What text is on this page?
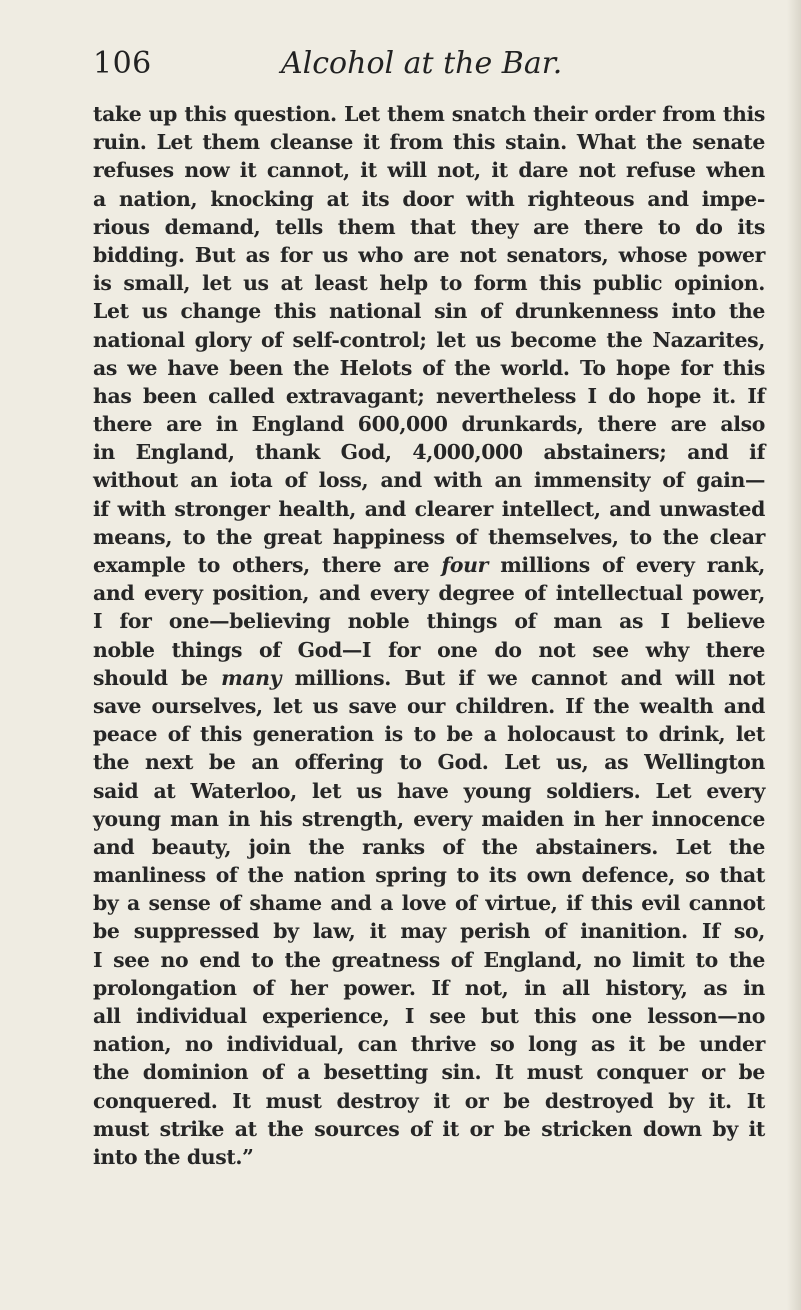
106	Alcohol at the Bar.
take up this question. Let them snatch their order from this
ruin. Let them cleanse it from this stain. What the senate
refuses now it cannot, it will not, it dare not refuse when
a nation, knocking at its door with righteous and impe-
rious demand, tells them that they are there to do its
bidding. But as for us who are not senators, whose power
is small, let us at least help to form this public opinion.
Let us change this national sin of drunkenness into the
national glory of self-control; let us become the Nazarites,
as we have been the Helots of the world. To hope for this
has been called extravagant; nevertheless I do hope it. If
there are in England 600,000 drunkards, there are also
in England, thank God, 4,000,000 abstainers; and if
without an iota of loss, and with an immensity of gain—
if with stronger health, and clearer intellect, and unwasted
means, to the great happiness of themselves, to the clear
example to others, there are four millions of every rank,
and every position, and every degree of intellectual power,
I for one—believing noble things of man as I believe
noble things of God—I for one do not see why there
should be many millions. But if we cannot and will not
save ourselves, let us save our children. If the wealth and
peace of this generation is to be a holocaust to drink, let
the next be an offering to God. Let us, as Wellington
said at Waterloo, let us have young soldiers. Let every
young man in his strength, every maiden in her innocence
and beauty, join the ranks of the abstainers. Let the
manliness of the nation spring to its own defence, so that
by a sense of shame and a love of virtue, if this evil cannot
be suppressed by law, it may perish of inanition. If so,
I see no end to the greatness of England, no limit to the
prolongation of her power. If not, in all history, as in
all individual experience, I see but this one lesson—no
nation, no individual, can thrive so long as it be under
the dominion of a besetting sin. It must conquer or be
conquered. It must destroy it or be destroyed by it. It
must strike at the sources of it or be stricken down by it
into the dust.”
